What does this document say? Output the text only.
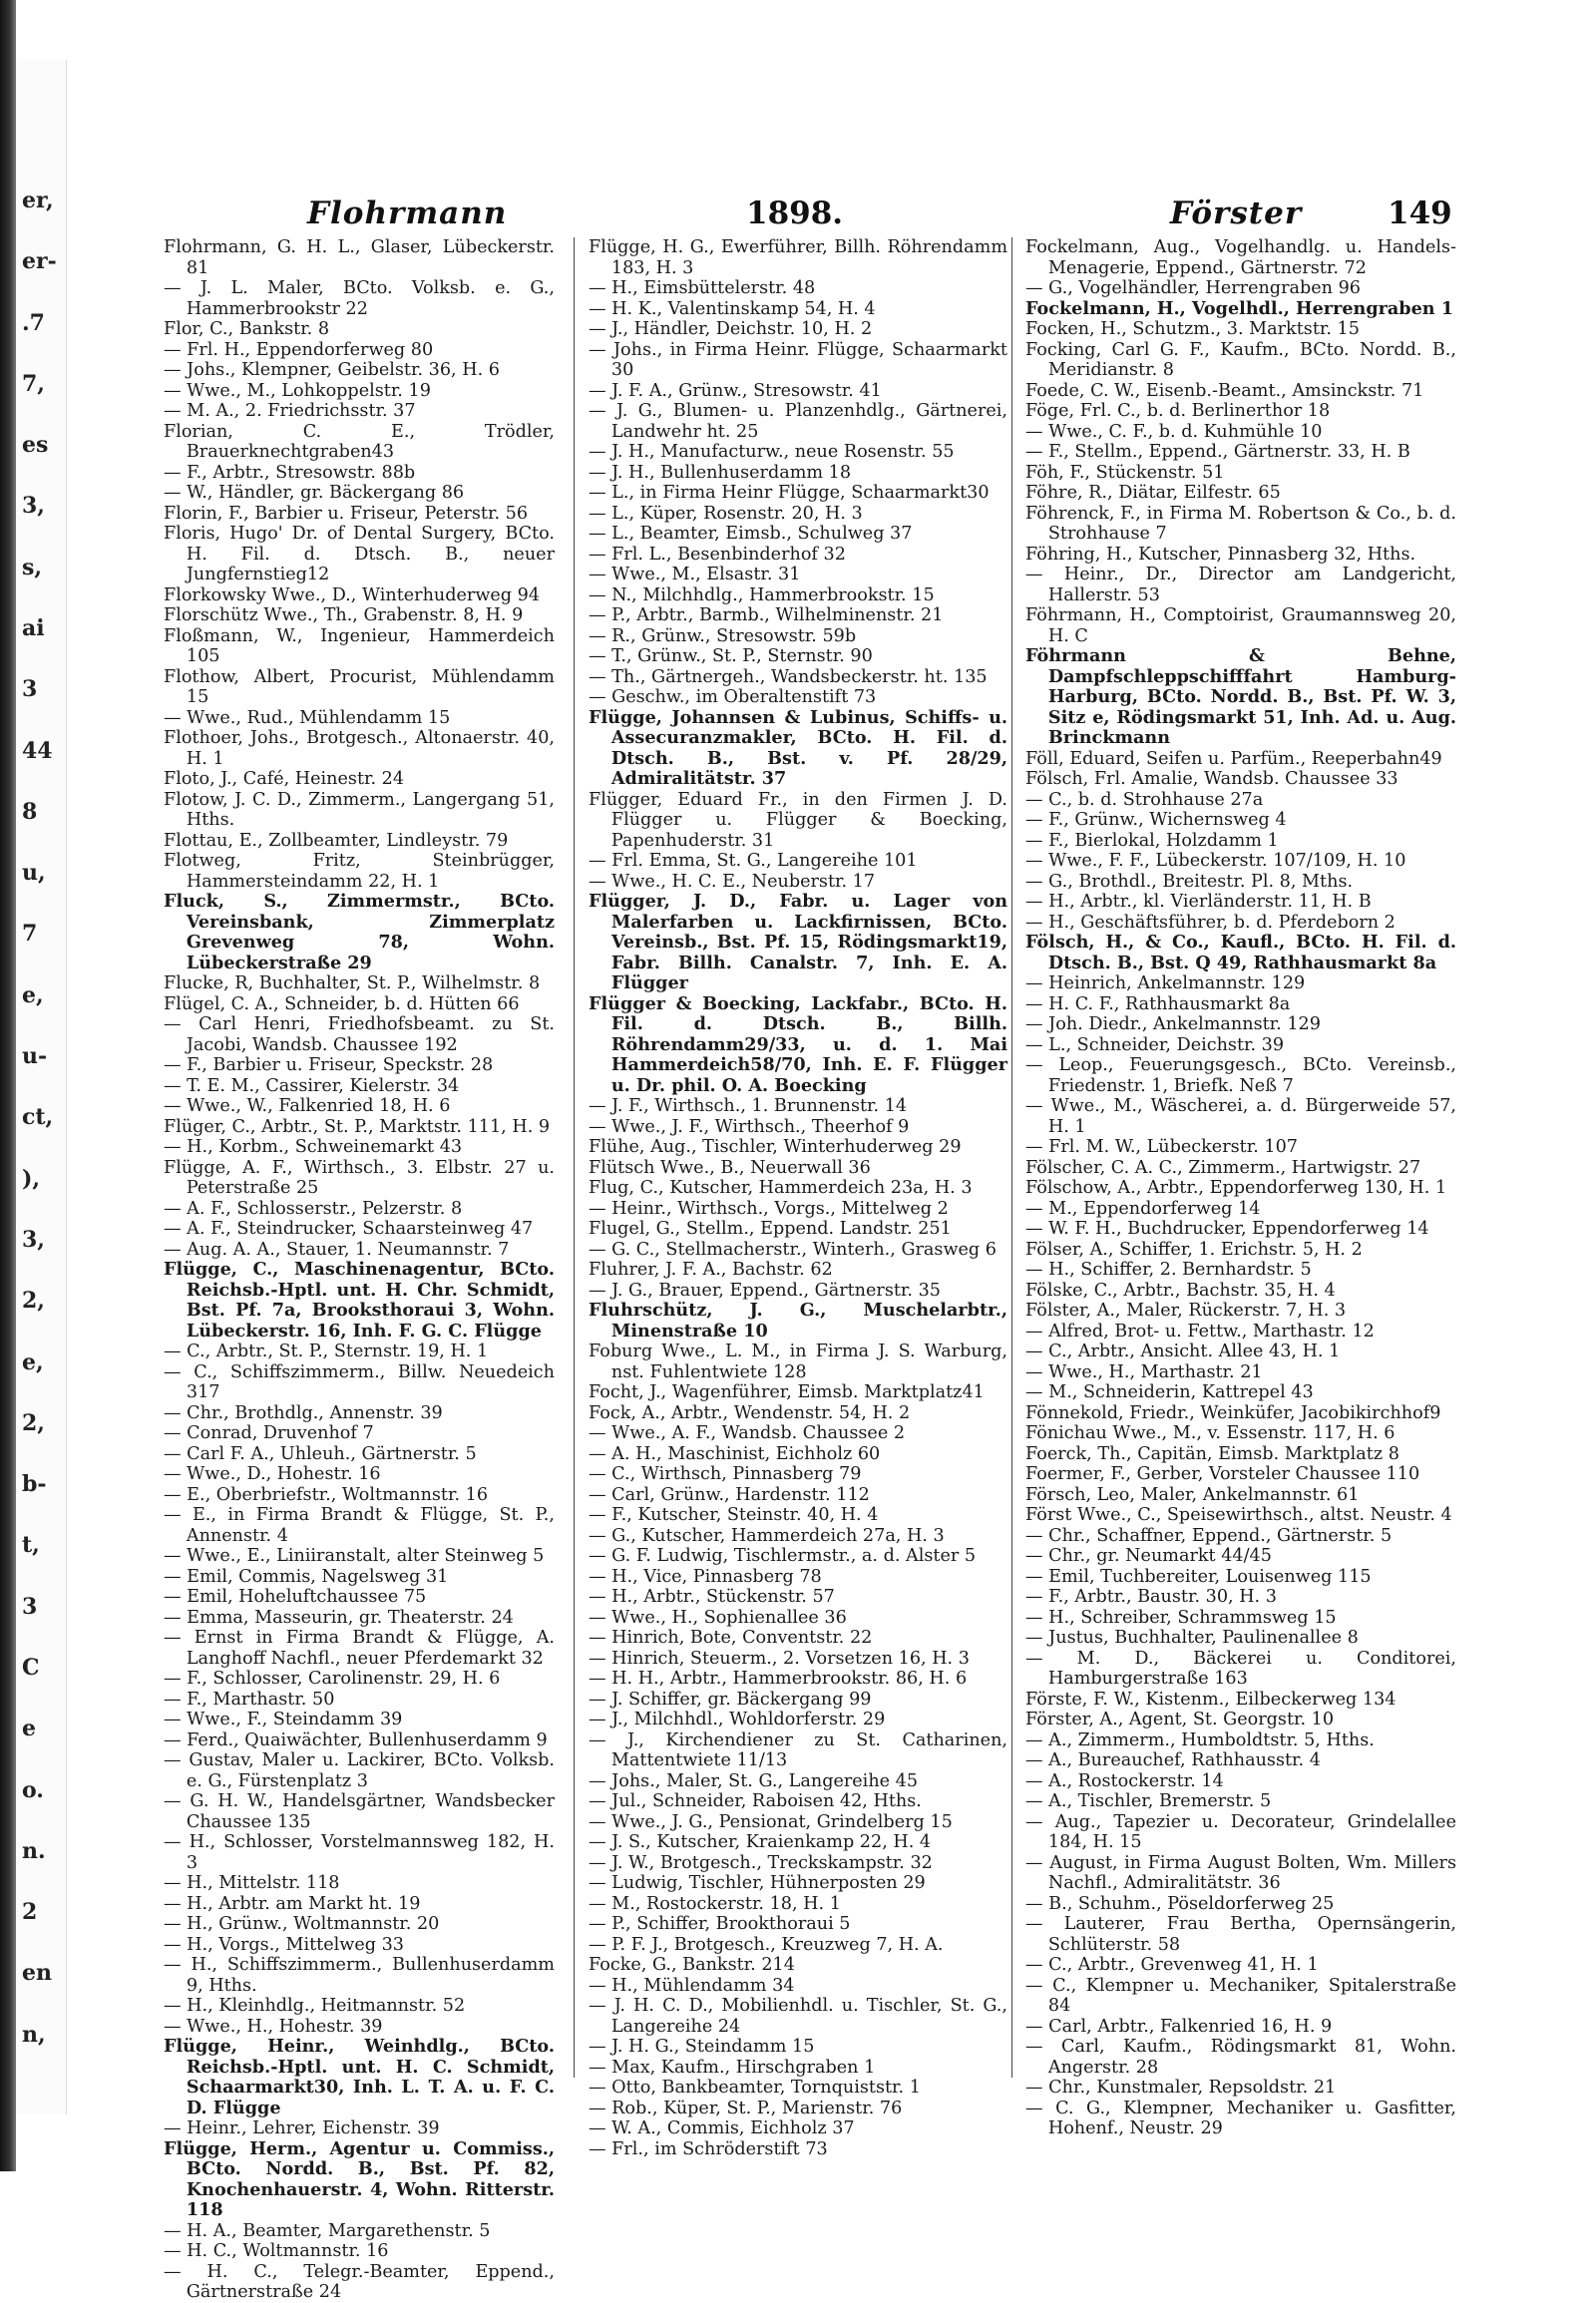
er,
er-
.7
7,
es
3,
s,
ai
3
44
8
u,
7
e,
u-
ct,
),
3,
2,
e,
2,
b-
t,
3
C
e
o.
n.
2
en
n,
Flohrmann	1898.	Förster	149
Flohrmann, G. H. L., Glaser, Lübeckerstr. 81
— J. L. Maler, BCto. Volksb. e. G., Hammerbrookstr 22
Flor, C., Bankstr. 8
— Frl. H., Eppendorferweg 80
— Johs., Klempner, Geibelstr. 36, H. 6
— Wwe., M., Lohkoppelstr. 19
— M. A., 2. Friedrichsstr. 37
Florian, C. E., Trödler, Brauerknechtgraben43
— F., Arbtr., Stresowstr. 88b
— W., Händler, gr. Bäckergang 86
Florin, F., Barbier u. Friseur, Peterstr. 56
Floris, Hugo' Dr. of Dental Surgery, BCto. H. Fil. d. Dtsch. B., neuer Jungfernstieg12
Florkowsky Wwe., D., Winterhuderweg 94
Florschütz Wwe., Th., Grabenstr. 8, H. 9
Floßmann, W., Ingenieur, Hammerdeich 105
Flothow, Albert, Procurist, Mühlendamm 15
— Wwe., Rud., Mühlendamm 15
Flothoer, Johs., Brotgesch., Altonaerstr. 40, H. 1
Floto, J., Café, Heinestr. 24
Flotow, J. C. D., Zimmerm., Langergang 51, Hths.
Flottau, E., Zollbeamter, Lindleystr. 79
Flotweg, Fritz, Steinbrügger, Hammersteindamm 22, H. 1
Fluck, S., Zimmermstr., BCto. Vereinsbank, Zimmerplatz Grevenweg 78, Wohn. Lübeckerstraße 29
Flucke, R, Buchhalter, St. P., Wilhelmstr. 8
Flügel, C. A., Schneider, b. d. Hütten 66
— Carl Henri, Friedhofsbeamt. zu St. Jacobi, Wandsb. Chaussee 192
— F., Barbier u. Friseur, Speckstr. 28
— T. E. M., Cassirer, Kielerstr. 34
— Wwe., W., Falkenried 18, H. 6
Flüger, C., Arbtr., St. P., Marktstr. 111, H. 9
— H., Korbm., Schweinemarkt 43
Flügge, A. F., Wirthsch., 3. Elbstr. 27 u. Peterstraße 25
— A. F., Schlosserstr., Pelzerstr. 8
— A. F., Steindrucker, Schaarsteinweg 47
— Aug. A. A., Stauer, 1. Neumannstr. 7
Flügge, C., Maschinenagentur, BCto. Reichsb.-Hptl. unt. H. Chr. Schmidt, Bst. Pf. 7a, Brooksthoraui 3, Wohn. Lübeckerstr. 16, Inh. F. G. C. Flügge
— C., Arbtr., St. P., Sternstr. 19, H. 1
— C., Schiffszimmerm., Billw. Neuedeich 317
— Chr., Brothdlg., Annenstr. 39
— Conrad, Druvenhof 7
— Carl F. A., Uhleuh., Gärtnerstr. 5
— Wwe., D., Hohestr. 16
— E., Oberbriefstr., Woltmannstr. 16
— E., in Firma Brandt & Flügge, St. P., Annenstr. 4
— Wwe., E., Liniiranstalt, alter Steinweg 5
— Emil, Commis, Nagelsweg 31
— Emil, Hoheluftchaussee 75
— Emma, Masseurin, gr. Theaterstr. 24
— Ernst in Firma Brandt & Flügge, A. Langhoff Nachfl., neuer Pferdemarkt 32
— F., Schlosser, Carolinenstr. 29, H. 6
— F., Marthastr. 50
— Wwe., F., Steindamm 39
— Ferd., Quaiwächter, Bullenhuserdamm 9
— Gustav, Maler u. Lackirer, BCto. Volksb. e. G., Fürstenplatz 3
— G. H. W., Handelsgärtner, Wandsbecker Chaussee 135
— H., Schlosser, Vorstelmannsweg 182, H. 3
— H., Mittelstr. 118
— H., Arbtr. am Markt ht. 19
— H., Grünw., Woltmannstr. 20
— H., Vorgs., Mittelweg 33
— H., Schiffszimmerm., Bullenhuserdamm 9, Hths.
— H., Kleinhdlg., Heitmannstr. 52
— Wwe., H., Hohestr. 39
Flügge, Heinr., Weinhdlg., BCto. Reichsb.-Hptl. unt. H. C. Schmidt, Schaarmarkt30, Inh. L. T. A. u. F. C. D. Flügge
— Heinr., Lehrer, Eichenstr. 39
Flügge, Herm., Agentur u. Commiss., BCto. Nordd. B., Bst. Pf. 82, Knochenhauerstr. 4, Wohn. Ritterstr. 118
— H. A., Beamter, Margarethenstr. 5
— H. C., Woltmannstr. 16
— H. C., Telegr.-Beamter, Eppend., Gärtnerstraße 24
Flügge, H. G., Ewerführer, Billh. Röhrendamm 183, H. 3
— H., Eimsbüttelerstr. 48
— H. K., Valentinskamp 54, H. 4
— J., Händler, Deichstr. 10, H. 2
— Johs., in Firma Heinr. Flügge, Schaarmarkt 30
— J. F. A., Grünw., Stresowstr. 41
— J. G., Blumen- u. Planzenhdlg., Gärtnerei, Landwehr ht. 25
— J. H., Manufacturw., neue Rosenstr. 55
— J. H., Bullenhuserdamm 18
— L., in Firma Heinr Flügge, Schaarmarkt30
— L., Küper, Rosenstr. 20, H. 3
— L., Beamter, Eimsb., Schulweg 37
— Frl. L., Besenbinderhof 32
— Wwe., M., Elsastr. 31
— N., Milchhdlg., Hammerbrookstr. 15
— P., Arbtr., Barmb., Wilhelminenstr. 21
— R., Grünw., Stresowstr. 59b
— T., Grünw., St. P., Sternstr. 90
— Th., Gärtnergeh., Wandsbeckerstr. ht. 135
— Geschw., im Oberaltenstift 73
Flügge, Johannsen & Lubinus, Schiffs- u. Assecuranzmakler, BCto. H. Fil. d. Dtsch. B., Bst. v. Pf. 28/29, Admiralitätstr. 37
Flügger, Eduard Fr., in den Firmen J. D. Flügger u. Flügger & Boecking, Papenhuderstr. 31
— Frl. Emma, St. G., Langereihe 101
— Wwe., H. C. E., Neuberstr. 17
Flügger, J. D., Fabr. u. Lager von Malerfarben u. Lackfirnissen, BCto. Vereinsb., Bst. Pf. 15, Rödingsmarkt19, Fabr. Billh. Canalstr. 7, Inh. E. A. Flügger
Flügger & Boecking, Lackfabr., BCto. H. Fil. d. Dtsch. B., Billh. Röhrendamm29/33, u. d. 1. Mai Hammerdeich58/70, Inh. E. F. Flügger u. Dr. phil. O. A. Boecking
— J. F., Wirthsch., 1. Brunnenstr. 14
— Wwe., J. F., Wirthsch., Theerhof 9
Flühe, Aug., Tischler, Winterhuderweg 29
Flütsch Wwe., B., Neuerwall 36
Flug, C., Kutscher, Hammerdeich 23a, H. 3
— Heinr., Wirthsch., Vorgs., Mittelweg 2
Flugel, G., Stellm., Eppend. Landstr. 251
— G. C., Stellmacherstr., Winterh., Grasweg 6
Fluhrer, J. F. A., Bachstr. 62
— J. G., Brauer, Eppend., Gärtnerstr. 35
Fluhrschütz, J. G., Muschelarbtr., Minenstraße 10
Foburg Wwe., L. M., in Firma J. S. Warburg, nst. Fuhlentwiete 128
Focht, J., Wagenführer, Eimsb. Marktplatz41
Fock, A., Arbtr., Wendenstr. 54, H. 2
— Wwe., A. F., Wandsb. Chaussee 2
— A. H., Maschinist, Eichholz 60
— C., Wirthsch, Pinnasberg 79
— Carl, Grünw., Hardenstr. 112
— F., Kutscher, Steinstr. 40, H. 4
— G., Kutscher, Hammerdeich 27a, H. 3
— G. F. Ludwig, Tischlermstr., a. d. Alster 5
— H., Vice, Pinnasberg 78
— H., Arbtr., Stückenstr. 57
— Wwe., H., Sophienallee 36
— Hinrich, Bote, Conventstr. 22
— Hinrich, Steuerm., 2. Vorsetzen 16, H. 3
— H. H., Arbtr., Hammerbrookstr. 86, H. 6
— J. Schiffer, gr. Bäckergang 99
— J., Milchhdl., Wohldorferstr. 29
— J., Kirchendiener zu St. Catharinen, Mattentwiete 11/13
— Johs., Maler, St. G., Langereihe 45
— Jul., Schneider, Raboisen 42, Hths.
— Wwe., J. G., Pensionat, Grindelberg 15
— J. S., Kutscher, Kraienkamp 22, H. 4
— J. W., Brotgesch., Treckskampstr. 32
— Ludwig, Tischler, Hühnerposten 29
— M., Rostockerstr. 18, H. 1
— P., Schiffer, Brookthoraui 5
— P. F. J., Brotgesch., Kreuzweg 7, H. A.
Focke, G., Bankstr. 214
— H., Mühlendamm 34
— J. H. C. D., Mobilienhdl. u. Tischler, St. G., Langereihe 24
— J. H. G., Steindamm 15
— Max, Kaufm., Hirschgraben 1
— Otto, Bankbeamter, Tornquiststr. 1
— Rob., Küper, St. P., Marienstr. 76
— W. A., Commis, Eichholz 37
— Frl., im Schröderstift 73
Fockelmann, Aug., Vogelhandlg. u. Handels-Menagerie, Eppend., Gärtnerstr. 72
— G., Vogelhändler, Herrengraben 96
Fockelmann, H., Vogelhdl., Herrengraben 1
Focken, H., Schutzm., 3. Marktstr. 15
Focking, Carl G. F., Kaufm., BCto. Nordd. B., Meridianstr. 8
Foede, C. W., Eisenb.-Beamt., Amsinckstr. 71
Föge, Frl. C., b. d. Berlinerthor 18
— Wwe., C. F., b. d. Kuhmühle 10
— F., Stellm., Eppend., Gärtnerstr. 33, H. B
Föh, F., Stückenstr. 51
Föhre, R., Diätar, Eilfestr. 65
Föhrenck, F., in Firma M. Robertson & Co., b. d. Strohhause 7
Föhring, H., Kutscher, Pinnasberg 32, Hths.
— Heinr., Dr., Director am Landgericht, Hallerstr. 53
Föhrmann, H., Comptoirist, Graumannsweg 20, H. C
Föhrmann & Behne, Dampfschleppschifffahrt Hamburg-Harburg, BCto. Nordd. B., Bst. Pf. W. 3, Sitz e, Rödingsmarkt 51, Inh. Ad. u. Aug. Brinckmann
Föll, Eduard, Seifen u. Parfüm., Reeperbahn49
Fölsch, Frl. Amalie, Wandsb. Chaussee 33
— C., b. d. Strohhause 27a
— F., Grünw., Wichernsweg 4
— F., Bierlokal, Holzdamm 1
— Wwe., F. F., Lübeckerstr. 107/109, H. 10
— G., Brothdl., Breitestr. Pl. 8, Mths.
— H., Arbtr., kl. Vierländerstr. 11, H. B
— H., Geschäftsführer, b. d. Pferdeborn 2
Fölsch, H., & Co., Kaufl., BCto. H. Fil. d. Dtsch. B., Bst. Q 49, Rathhausmarkt 8a
— Heinrich, Ankelmannstr. 129
— H. C. F., Rathhausmarkt 8a
— Joh. Diedr., Ankelmannstr. 129
— L., Schneider, Deichstr. 39
— Leop., Feuerungsgesch., BCto. Vereinsb., Friedenstr. 1, Briefk. Neß 7
— Wwe., M., Wäscherei, a. d. Bürgerweide 57, H. 1
— Frl. M. W., Lübeckerstr. 107
Fölscher, C. A. C., Zimmerm., Hartwigstr. 27
Fölschow, A., Arbtr., Eppendorferweg 130, H. 1
— M., Eppendorferweg 14
— W. F. H., Buchdrucker, Eppendorferweg 14
Fölser, A., Schiffer, 1. Erichstr. 5, H. 2
— H., Schiffer, 2. Bernhardstr. 5
Fölske, C., Arbtr., Bachstr. 35, H. 4
Fölster, A., Maler, Rückerstr. 7, H. 3
— Alfred, Brot- u. Fettw., Marthastr. 12
— C., Arbtr., Ansicht. Allee 43, H. 1
— Wwe., H., Marthastr. 21
— M., Schneiderin, Kattrepel 43
Fönnekold, Friedr., Weinküfer, Jacobikirchhof9
Fönichau Wwe., M., v. Essenstr. 117, H. 6
Foerck, Th., Capitän, Eimsb. Marktplatz 8
Foermer, F., Gerber, Vorsteler Chaussee 110
Försch, Leo, Maler, Ankelmannstr. 61
Först Wwe., C., Speisewirthsch., altst. Neustr. 4
— Chr., Schaffner, Eppend., Gärtnerstr. 5
— Chr., gr. Neumarkt 44/45
— Emil, Tuchbereiter, Louisenweg 115
— F., Arbtr., Baustr. 30, H. 3
— H., Schreiber, Schrammsweg 15
— Justus, Buchhalter, Paulinenallee 8
— M. D., Bäckerei u. Conditorei, Hamburgerstraße 163
Förste, F. W., Kistenm., Eilbeckerweg 134
Förster, A., Agent, St. Georgstr. 10
— A., Zimmerm., Humboldtstr. 5, Hths.
— A., Bureauchef, Rathhausstr. 4
— A., Rostockerstr. 14
— A., Tischler, Bremerstr. 5
— Aug., Tapezier u. Decorateur, Grindelallee 184, H. 15
— August, in Firma August Bolten, Wm. Millers Nachfl., Admiralitätstr. 36
— B., Schuhm., Pöseldorferweg 25
— Lauterer, Frau Bertha, Opernsängerin, Schlüterstr. 58
— C., Arbtr., Grevenweg 41, H. 1
— C., Klempner u. Mechaniker, Spitalerstraße 84
— Carl, Arbtr., Falkenried 16, H. 9
— Carl, Kaufm., Rödingsmarkt 81, Wohn. Angerstr. 28
— Chr., Kunstmaler, Repsoldstr. 21
— C. G., Klempner, Mechaniker u. Gasfitter, Hohenf., Neustr. 29
